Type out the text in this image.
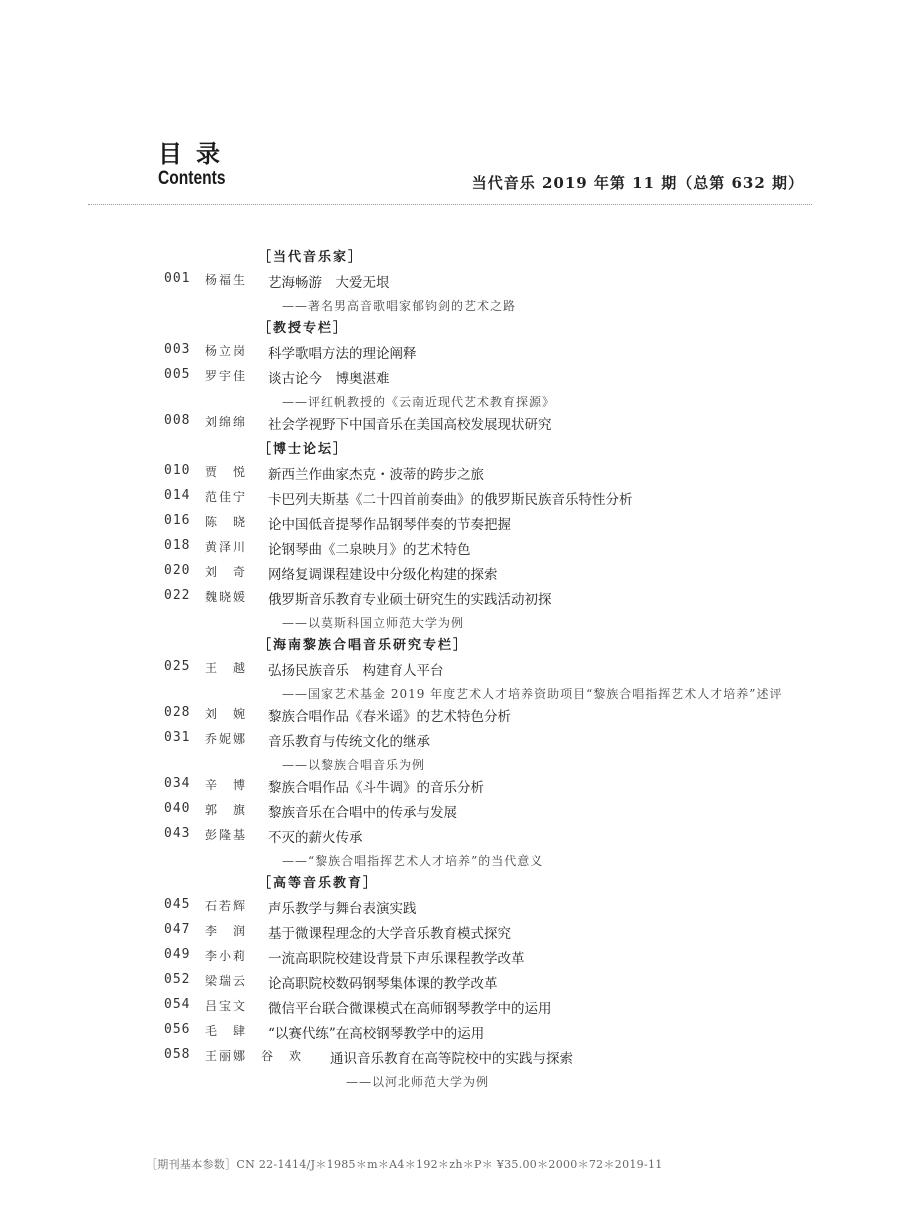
目录
Contents	当代音乐 2019 年第 11 期（总第 632 期）
［当代音乐家］
001 杨福生 艺海畅游　大爱无垠
——著名男高音歌唱家郁钧剑的艺术之路
［教授专栏］
003 杨立岗 科学歌唱方法的理论阐释
005 罗宇佳 谈古论今　博奥湛难
——评红帆教授的《云南近现代艺术教育探源》
008 刘绵绵 社会学视野下中国音乐在美国高校发展现状研究
［博士论坛］
010 贾　悦 新西兰作曲家杰克・波蒂的跨步之旅
014 范佳宁 卡巴列夫斯基《二十四首前奏曲》的俄罗斯民族音乐特性分析
016 陈　晓 论中国低音提琴作品钢琴伴奏的节奏把握
018 黄泽川 论钢琴曲《二泉映月》的艺术特色
020 刘　奇 网络复调课程建设中分级化构建的探索
022 魏晓媛 俄罗斯音乐教育专业硕士研究生的实践活动初探
——以莫斯科国立师范大学为例
［海南黎族合唱音乐研究专栏］
025 王　越 弘扬民族音乐　构建育人平台
——国家艺术基金 2019 年度艺术人才培养资助项目“黎族合唱指挥艺术人才培养”述评
028 刘　婉 黎族合唱作品《春米谣》的艺术特色分析
031 乔妮娜 音乐教育与传统文化的继承
——以黎族合唱音乐为例
034 辛　博 黎族合唱作品《斗牛调》的音乐分析
040 郭　旗 黎族音乐在合唱中的传承与发展
043 彭隆基 不灭的薪火传承
——“黎族合唱指挥艺术人才培养”的当代意义
［高等音乐教育］
045 石若辉 声乐教学与舞台表演实践
047 李　润 基于微课程理念的大学音乐教育模式探究
049 李小莉 一流高职院校建设背景下声乐课程教学改革
052 梁瑞云 论高职院校数码钢琴集体课的教学改革
054 吕宝文 微信平台联合微课模式在高师钢琴教学中的运用
056 毛　肆 “以赛代练”在高校钢琴教学中的运用
058 王丽娜　谷　欢 通识音乐教育在高等院校中的实践与探索
——以河北师范大学为例
［期刊基本参数］CN 22-1414/J＊1985＊m＊A4＊192＊zh＊P＊ ¥35.00＊2000＊72＊2019-11
